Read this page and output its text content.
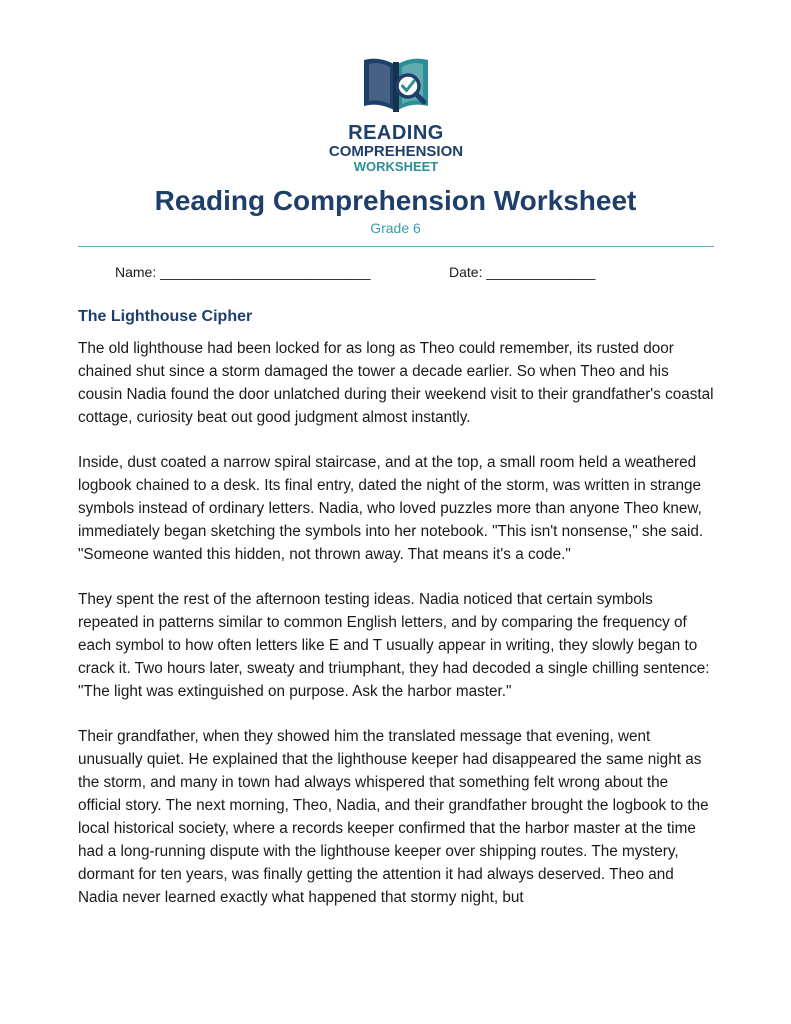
READING
COMPREHENSION
WORKSHEET
Reading Comprehension Worksheet
Grade 6
Name: ___________________________	Date: ______________
The Lighthouse Cipher

The old lighthouse had been locked for as long as Theo could remember, its rusted door chained shut since a storm damaged the tower a decade earlier. So when Theo and his cousin Nadia found the door unlatched during their weekend visit to their grandfather's coastal cottage, curiosity beat out good judgment almost instantly.

Inside, dust coated a narrow spiral staircase, and at the top, a small room held a weathered logbook chained to a desk. Its final entry, dated the night of the storm, was written in strange symbols instead of ordinary letters. Nadia, who loved puzzles more than anyone Theo knew, immediately began sketching the symbols into her notebook. "This isn't nonsense," she said. "Someone wanted this hidden, not thrown away. That means it's a code."

They spent the rest of the afternoon testing ideas. Nadia noticed that certain symbols repeated in patterns similar to common English letters, and by comparing the frequency of each symbol to how often letters like E and T usually appear in writing, they slowly began to crack it. Two hours later, sweaty and triumphant, they had decoded a single chilling sentence: "The light was extinguished on purpose. Ask the harbor master."

Their grandfather, when they showed him the translated message that evening, went unusually quiet. He explained that the lighthouse keeper had disappeared the same night as the storm, and many in town had always whispered that something felt wrong about the official story. The next morning, Theo, Nadia, and their grandfather brought the logbook to the local historical society, where a records keeper confirmed that the harbor master at the time had a long-running dispute with the lighthouse keeper over shipping routes. The mystery, dormant for ten years, was finally getting the attention it had always deserved. Theo and Nadia never learned exactly what happened that stormy night, but
